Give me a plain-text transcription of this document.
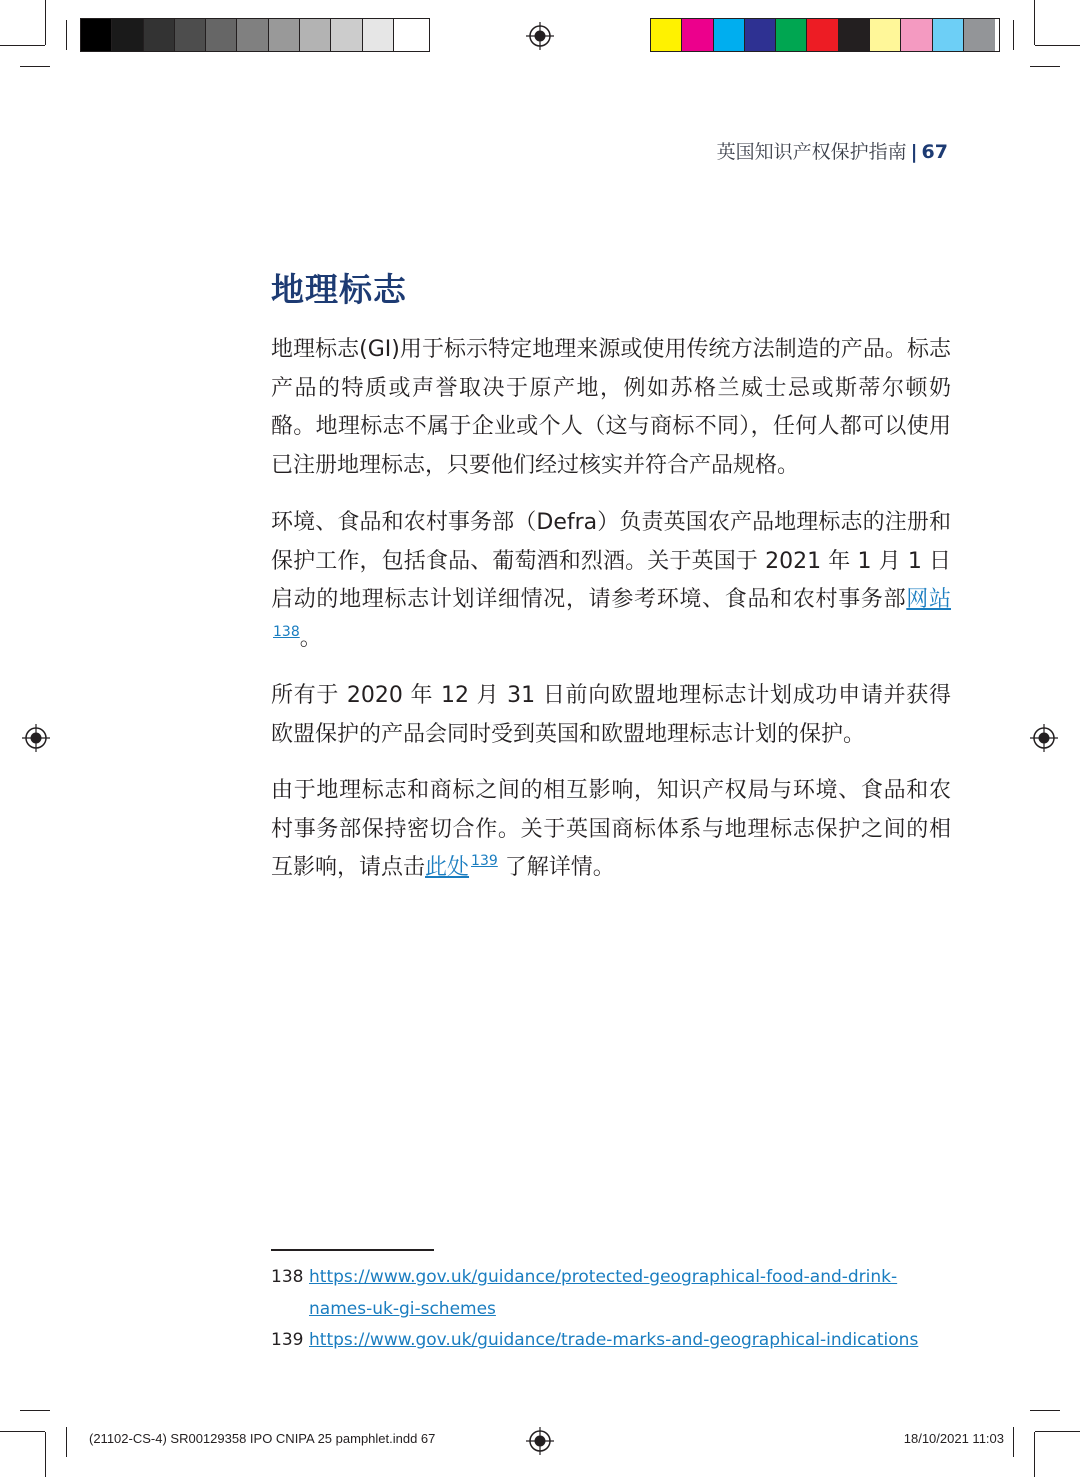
英国知识产权保护指南 | 67
地理标志
地理标志(GI)用于标示特定地理来源或使用传统方法制造的产品。标志产品的特质或声誉取决于原产地，例如苏格兰威士忌或斯蒂尔顿奶酪。地理标志不属于企业或个人（这与商标不同），任何人都可以使用已注册地理标志，只要他们经过核实并符合产品规格。
环境、食品和农村事务部（Defra）负责英国农产品地理标志的注册和保护工作，包括食品、葡萄酒和烈酒。关于英国于 2021 年 1 月 1 日启动的地理标志计划详细情况，请参考环境、食品和农村事务部网站$^{138}$。
所有于 2020 年 12 月 31 日前向欧盟地理标志计划成功申请并获得欧盟保护的产品会同时受到英国和欧盟地理标志计划的保护。
由于地理标志和商标之间的相互影响，知识产权局与环境、食品和农村事务部保持密切合作。关于英国商标体系与地理标志保护之间的相互影响，请点击此处 $^{139}$ 了解详情。
138 https://www.gov.uk/guidance/protected-geographical-food-and-drink-
names-uk-gi-schemes
139 https://www.gov.uk/guidance/trade-marks-and-geographical-indications
(21102-CS-4) SR00129358 IPO CNIPA 25 pamphlet.indd 67	18/10/2021 11:03
